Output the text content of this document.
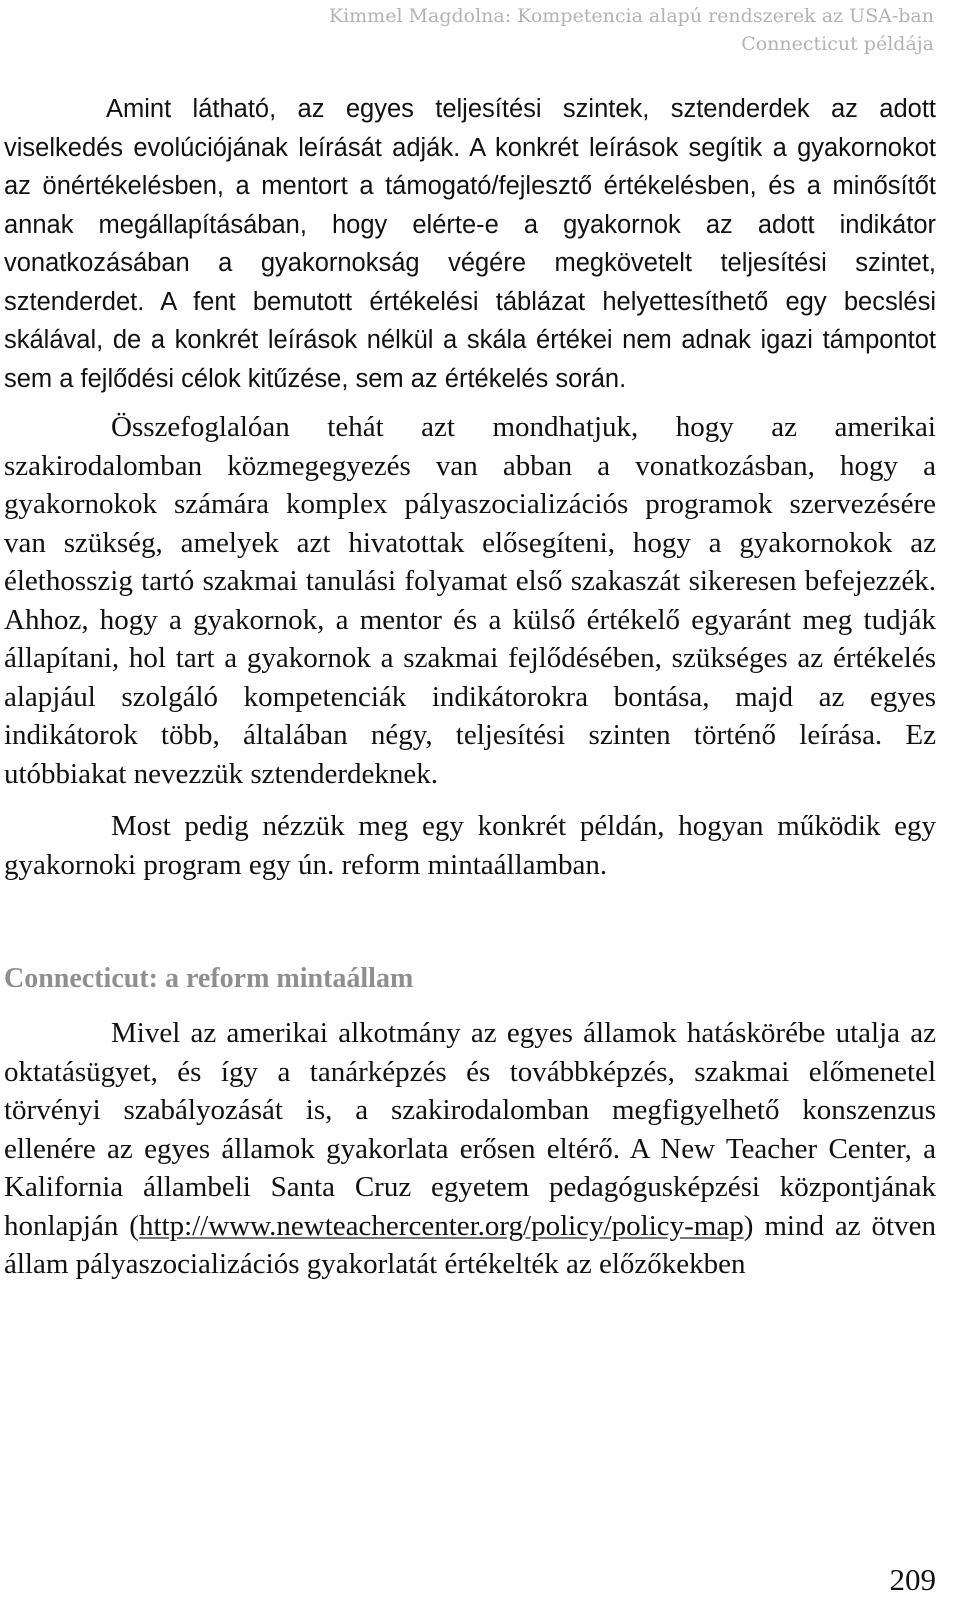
Kimmel Magdolna: Kompetencia alapú rendszerek az USA-ban
Connecticut példája

Amint látható, az egyes teljesítési szintek, sztenderdek az adott viselkedés evolúciójának leírását adják. A konkrét leírások segítik a gyakornokot az önértékelésben, a mentort a támogató/fejlesztő értékelésben, és a minősítőt annak megállapításában, hogy elérte-e a gyakornok az adott indikátor vonatkozásában a gyakornokság végére megkövetelt teljesítési szintet, sztenderdet. A fent bemutott értékelési táblázat helyettesíthető egy becslési skálával, de a konkrét leírások nélkül a skála értékei nem adnak igazi támpontot sem a fejlődési célok kitűzése, sem az értékelés során.

Összefoglalóan tehát azt mondhatjuk, hogy az amerikai szakirodalomban közmegegyezés van abban a vonatkozásban, hogy a gyakornokok számára komplex pályaszocializációs programok szervezésére van szükség, amelyek azt hivatottak elősegíteni, hogy a gyakornokok az élethosszig tartó szakmai tanulási folyamat első szakaszát sikeresen befejezzék. Ahhoz, hogy a gyakornok, a mentor és a külső értékelő egyaránt meg tudják állapítani, hol tart a gyakornok a szakmai fejlődésében, szükséges az értékelés alapjául szolgáló kompetenciák indikátorokra bontása, majd az egyes indikátorok több, általában négy, teljesítési szinten történő leírása. Ez utóbbiakat nevezzük sztenderdeknek.

Most pedig nézzük meg egy konkrét példán, hogyan működik egy gyakornoki program egy ún. reform mintaállamban.

Connecticut: a reform mintaállam

Mivel az amerikai alkotmány az egyes államok hatáskörébe utalja az oktatásügyet, és így a tanárképzés és továbbképzés, szakmai előmenetel törvényi szabályozását is, a szakirodalomban megfigyelhető konszenzus ellenére az egyes államok gyakorlata erősen eltérő. A New Teacher Center, a Kalifornia állambeli Santa Cruz egyetem pedagógusképzési központjának honlapján (http://www.newteachercenter.org/policy/policy-map) mind az ötven állam pályaszocializációs gyakorlatát értékelték az előzőkekben

209
